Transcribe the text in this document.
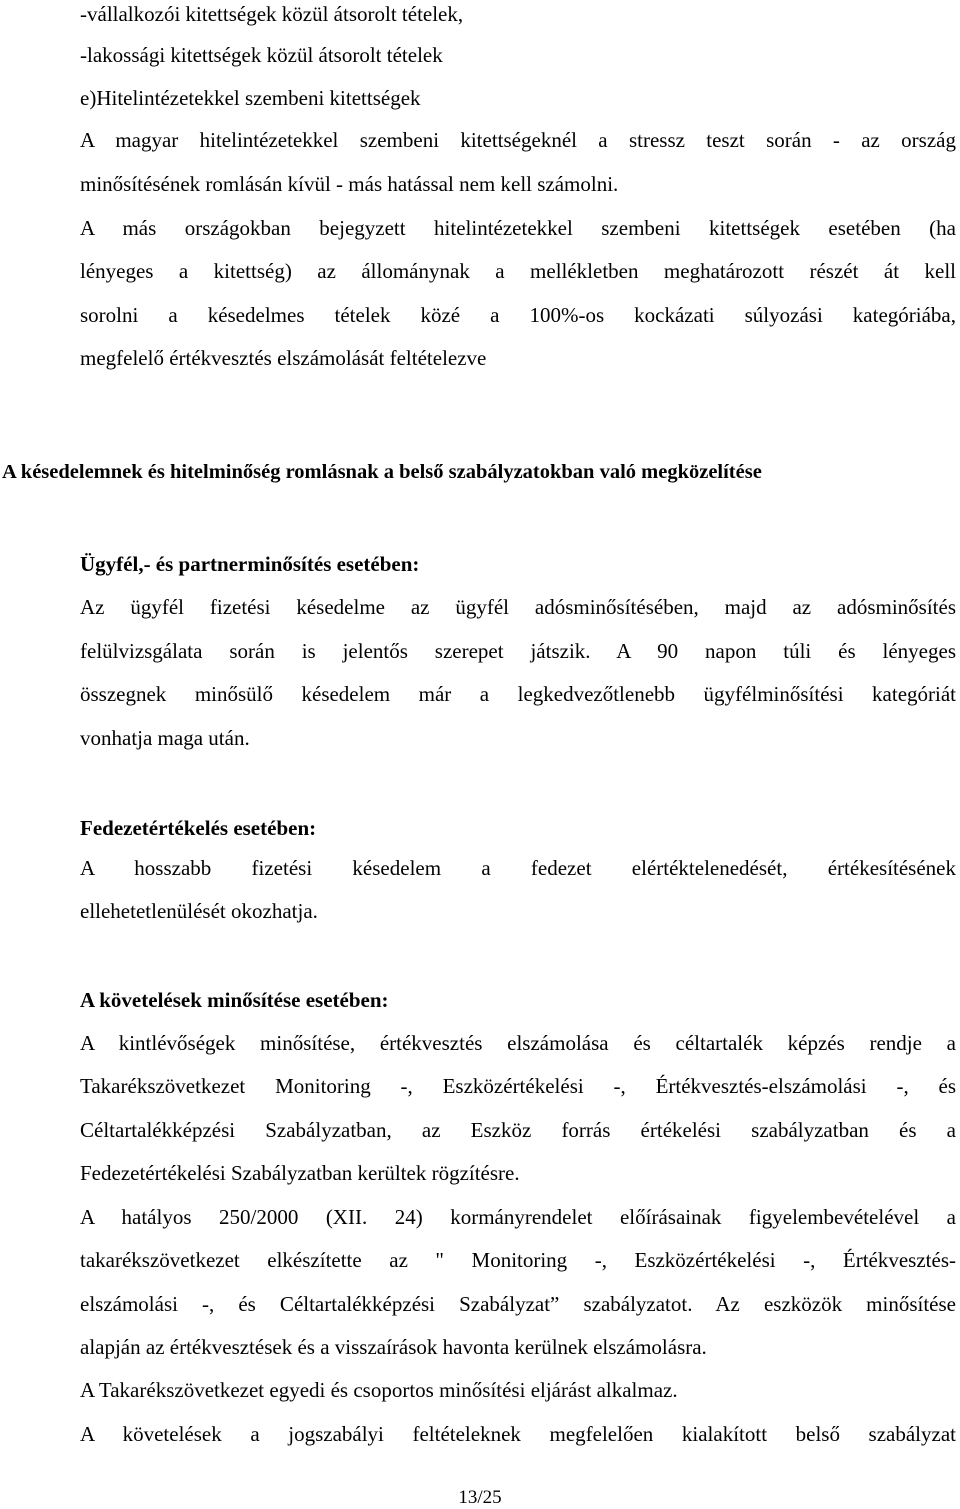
-vállalkozói kitettségek közül átsorolt tételek,
-lakossági kitettségek közül átsorolt tételek
e)Hitelintézetekkel szembeni kitettségek
A magyar hitelintézetekkel szembeni kitettségeknél a stressz teszt során - az ország
minősítésének romlásán kívül - más hatással nem kell számolni.
A más országokban bejegyzett hitelintézetekkel szembeni kitettségek esetében (ha
lényeges a kitettség) az állománynak a mellékletben meghatározott részét át kell
sorolni a késedelmes tételek közé a 100%-os kockázati súlyozási kategóriába,
megfelelő értékvesztés elszámolását feltételezve
A késedelemnek és hitelminőség romlásnak a belső szabályzatokban való megközelítése
Ügyfél,- és partnerminősítés esetében:
Az ügyfél fizetési késedelme az ügyfél adósminősítésében, majd az adósminősítés
felülvizsgálata során is jelentős szerepet játszik. A 90 napon túli és lényeges
összegnek minősülő késedelem már a legkedvezőtlenebb ügyfélminősítési kategóriát
vonhatja maga után.
Fedezetértékelés esetében:
A hosszabb fizetési késedelem a fedezet elértéktelenedését, értékesítésének
ellehetetlenülését okozhatja.
A követelések minősítése esetében:
A kintlévőségek minősítése, értékvesztés elszámolása és céltartalék képzés rendje a
Takarékszövetkezet Monitoring -, Eszközértékelési -, Értékvesztés-elszámolási -, és
Céltartalékképzési Szabályzatban, az Eszköz forrás értékelési szabályzatban és a
Fedezetértékelési Szabályzatban kerültek rögzítésre.
A hatályos 250/2000 (XII. 24) kormányrendelet előírásainak figyelembevételével a
takarékszövetkezet elkészítette az " Monitoring -, Eszközértékelési -, Értékvesztés-
elszámolási -, és Céltartalékképzési Szabályzat” szabályzatot. Az eszközök minősítése
alapján az értékvesztések és a visszaírások havonta kerülnek elszámolásra.
A Takarékszövetkezet egyedi és csoportos minősítési eljárást alkalmaz.
A követelések a jogszabályi feltételeknek megfelelően kialakított belső szabályzat
13/25
